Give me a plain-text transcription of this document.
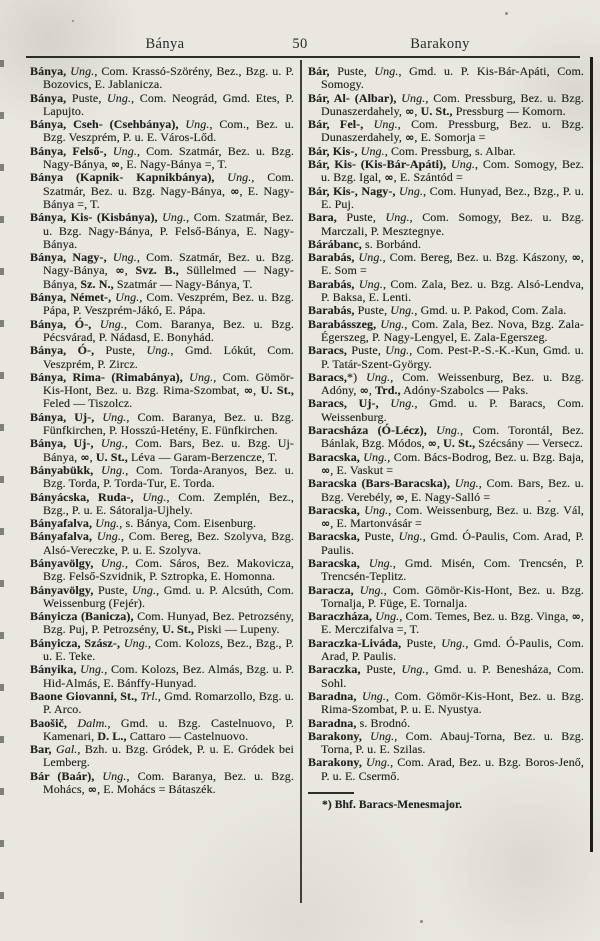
Bánya	50	Barakony
Bánya, Ung., Com. Krassó-Szörény, Bez., Bzg. u. P. Bozovics, E. Jablanicza.
Bánya, Puste, Ung., Com. Neográd, Gmd. Etes, P. Lapujto.
Bánya, Cseh- (Csehbánya), Ung., Com., Bez. u. Bzg. Veszprém, P. u. E. Város-Lőd.
Bánya, Felső-, Ung., Com. Szatmár, Bez. u. Bzg. Nagy-Bánya, ∞, E. Nagy-Bánya =, T.
Bánya (Kapnik- Kapnikbánya), Ung., Com. Szatmár, Bez. u. Bzg. Nagy-Bánya, ∞, E. Nagy-Bánya =, T.
Bánya, Kis- (Kisbánya), Ung., Com. Szatmár, Bez. u. Bzg. Nagy-Bánya, P. Felső-Bánya, E. Nagy-Bánya.
Bánya, Nagy-, Ung., Com. Szatmár, Bez. u. Bzg. Nagy-Bánya, ∞, Svz. B., Süllelmed — Nagy-Bánya, Sz. N., Szatmár — Nagy-Bánya, T.
Bánya, Német-, Ung., Com. Veszprém, Bez. u. Bzg. Pápa, P. Veszprém-Jákó, E. Pápa.
Bánya, Ó-, Ung., Com. Baranya, Bez. u. Bzg. Pécsvárad, P. Nádasd, E. Bonyhád.
Bánya, Ó-, Puste, Ung., Gmd. Lókút, Com. Veszprém, P. Zircz.
Bánya, Rima- (Rimabánya), Ung., Com. Gömör-Kis-Hont, Bez. u. Bzg. Rima-Szombat, ∞, U. St., Feled — Tiszolcz.
Bánya, Uj-, Ung., Com. Baranya, Bez. u. Bzg. Fünfkirchen, P. Hosszú-Hetény, E. Fünfkirchen.
Bánya, Uj-, Ung., Com. Bars, Bez. u. Bzg. Uj-Bánya, ∞, U. St., Léva — Garam-Berzencze, T.
Bányabükk, Ung., Com. Torda-Aranyos, Bez. u. Bzg. Torda, P. Torda-Tur, E. Torda.
Bányácska, Ruda-, Ung., Com. Zemplén, Bez., Bzg., P. u. E. Sátoralja-Ujhely.
Bányafalva, Ung., s. Bánya, Com. Eisenburg.
Bányafalva, Ung., Com. Bereg, Bez. Szolyva, Bzg. Alsó-Vereczke, P. u. E. Szolyva.
Bányavölgy, Ung., Com. Sáros, Bez. Makovicza, Bzg. Felső-Szvidnik, P. Sztropka, E. Homonna.
Bányavölgy, Puste, Ung., Gmd. u. P. Alcsúth, Com. Weissenburg (Fejér).
Bányicza (Banicza), Com. Hunyad, Bez. Petrozsény, Bzg. Puj, P. Petrozsény, U. St., Piski — Lupeny.
Bányicza, Szász-, Ung., Com. Kolozs, Bez., Bzg., P. u. E. Teke.
Bányika, Ung., Com. Kolozs, Bez. Almás, Bzg. u. P. Hid-Almás, E. Bánffy-Hunyad.
Baone Giovanni, St., Trl., Gmd. Romarzollo, Bzg. u. P. Arco.
Baošič, Dalm., Gmd. u. Bzg. Castelnuovo, P. Kamenari, D. L., Cattaro — Castelnuovo.
Bar, Gal., Bzh. u. Bzg. Gródek, P. u. E. Gródek bei Lemberg.
Bár (Baár), Ung., Com. Baranya, Bez. u. Bzg. Mohács, ∞, E. Mohács = Bátaszék.
Bár, Puste, Ung., Gmd. u. P. Kis-Bár-Apáti, Com. Somogy.
Bár, Al- (Albar), Ung., Com. Pressburg, Bez. u. Bzg. Dunaszerdahely, ∞, U. St., Pressburg — Komorn.
Bár, Fel-, Ung., Com. Pressburg, Bez. u. Bzg. Dunaszerdahely, ∞, E. Somorja =
Bár, Kis-, Ung., Com. Pressburg, s. Albar.
Bár, Kis- (Kis-Bár-Apáti), Ung., Com. Somogy, Bez. u. Bzg. Igal, ∞, E. Szántód =
Bár, Kis-, Nagy-, Ung., Com. Hunyad, Bez., Bzg., P. u. E. Puj.
Bara, Puste, Ung., Com. Somogy, Bez. u. Bzg. Marczali, P. Mesztegnye.
Bárábanc, s. Borbánd.
Barabás, Ung., Com. Bereg, Bez. u. Bzg. Kászony, ∞, E. Som =
Barabás, Ung., Com. Zala, Bez. u. Bzg. Alsó-Lendva, P. Baksa, E. Lenti.
Barabás, Puste, Ung., Gmd. u. P. Pakod, Com. Zala.
Barabásszeg, Ung., Com. Zala, Bez. Nova, Bzg. Zala-Égerszeg, P. Nagy-Lengyel, E. Zala-Egerszeg.
Baracs, Puste, Ung., Com. Pest-P.-S.-K.-Kun, Gmd. u. P. Tatár-Szent-György.
Baracs,*) Ung., Com. Weissenburg, Bez. u. Bzg. Adóny, ∞, Trd., Adóny-Szabolcs — Paks.
Baracs, Uj-, Ung., Gmd. u. P. Baracs, Com. Weissenburg.
Baracsháza (Ó-Lécz), Ung., Com. Torontál, Bez. Bánlak, Bzg. Módos, ∞, U. St., Szécsány — Versecz.
Baracska, Ung., Com. Bács-Bodrog, Bez. u. Bzg. Baja, ∞, E. Vaskut =
Baracska (Bars-Baracska), Ung., Com. Bars, Bez. u. Bzg. Verebély, ∞, E. Nagy-Salló =
Baracska, Ung., Com. Weissenburg, Bez. u. Bzg. Vál, ∞, E. Martonvásár =
Baracska, Puste, Ung., Gmd. Ó-Paulis, Com. Arad, P. Paulis.
Baracska, Ung., Gmd. Misén, Com. Trencsén, P. Trencsén-Teplitz.
Baracza, Ung., Com. Gömör-Kis-Hont, Bez. u. Bzg. Tornalja, P. Füge, E. Tornalja.
Baraczháza, Ung., Com. Temes, Bez. u. Bzg. Vinga, ∞, E. Merczifalva =, T.
Baraczka-Liváda, Puste, Ung., Gmd. Ó-Paulis, Com. Arad, P. Paulis.
Baraczka, Puste, Ung., Gmd. u. P. Benesháza, Com. Sohl.
Baradna, Ung., Com. Gömör-Kis-Hont, Bez. u. Bzg. Rima-Szombat, P. u. E. Nyustya.
Baradna, s. Brodnó.
Barakony, Ung., Com. Abauj-Torna, Bez. u. Bzg. Torna, P. u. E. Szilas.
Barakony, Ung., Com. Arad, Bez. u. Bzg. Boros-Jenő, P. u. E. Csermő.
*) Bhf. Baracs-Menesmajor.
